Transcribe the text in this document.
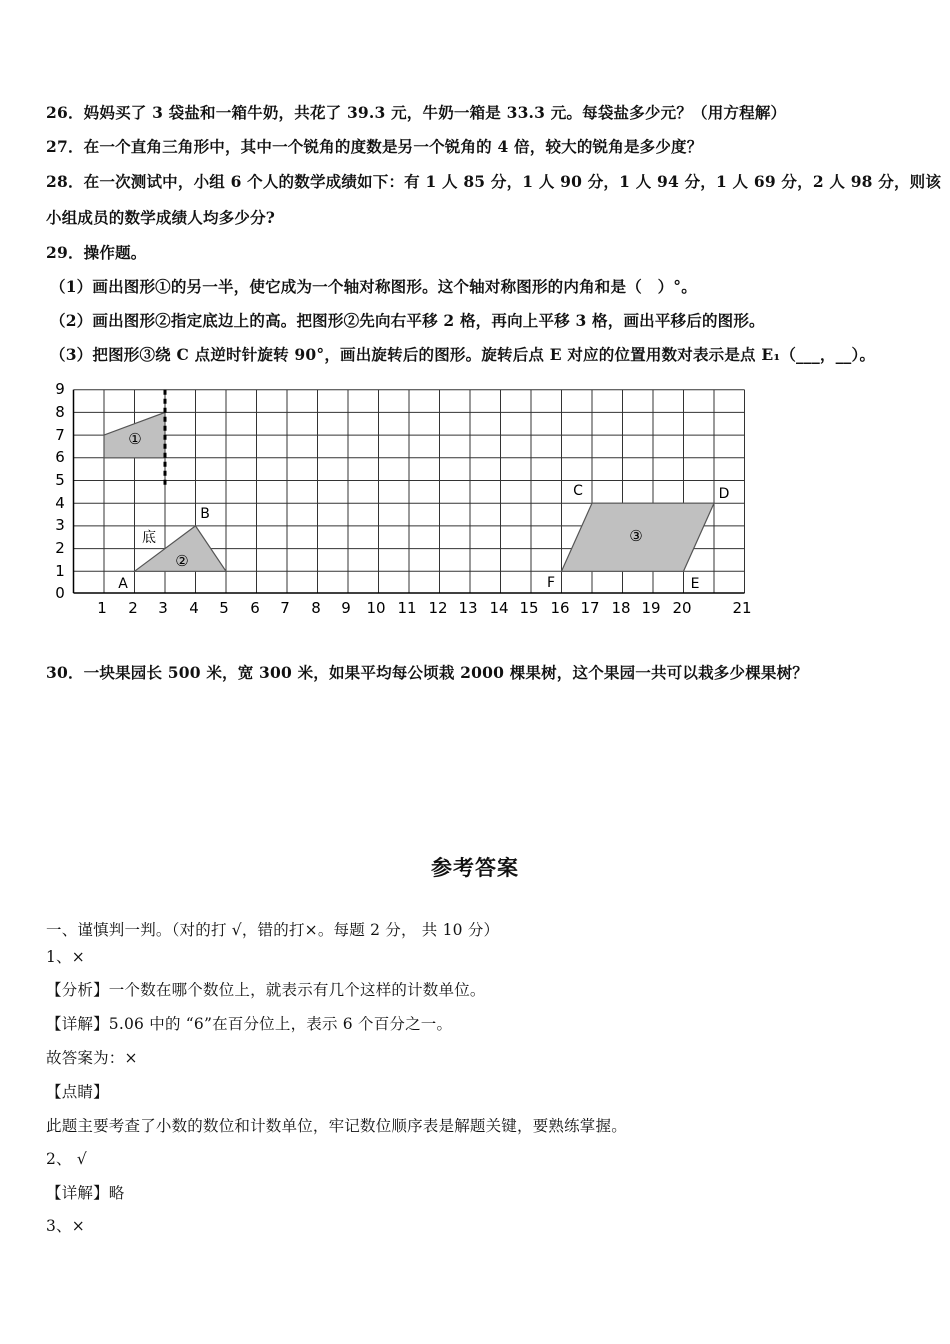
26．妈妈买了 3 袋盐和一箱牛奶，共花了 39.3 元，牛奶一箱是 33.3 元。每袋盐多少元？（用方程解）
27．在一个直角三角形中，其中一个锐角的度数是另一个锐角的 4 倍，较大的锐角是多少度？
28．在一次测试中，小组 6 个人的数学成绩如下：有 1 人 85 分，1 人 90 分，1 人 94 分，1 人 69 分，2 人 98 分，则该
小组成员的数学成绩人均多少分?
29．操作题。
（1）画出图形①的另一半，使它成为一个轴对称图形。这个轴对称图形的内角和是（　）°。
（2）画出图形②指定底边上的高。把图形②先向右平移 2 格，再向上平移 3 格，画出平移后的图形。
（3）把图形③绕 C 点逆时针旋转 90°，画出旋转后的图形。旋转后点 E 对应的位置用数对表示是点 E₁（___，__）。
①
②
③
底
A
B
C	D
E
F
0
1
2
3
4
5
6
7
8
9
1 2 3 4 5 6 7 8 9 10 11 12 13 14 15 16 17 18 19 20	21
30．一块果园长 500 米，宽 300 米，如果平均每公顷栽 2000 棵果树，这个果园一共可以栽多少棵果树？
参考答案
一、谨慎判一判。（对的打 √，错的打×。每题 2 分， 共 10 分）
1、×
【分析】一个数在哪个数位上，就表示有几个这样的计数单位。
【详解】5.06 中的 “6”在百分位上，表示 6 个百分之一。
故答案为：×
【点睛】
此题主要考查了小数的数位和计数单位，牢记数位顺序表是解题关键，要熟练掌握。
2、 √
【详解】略
3、×
